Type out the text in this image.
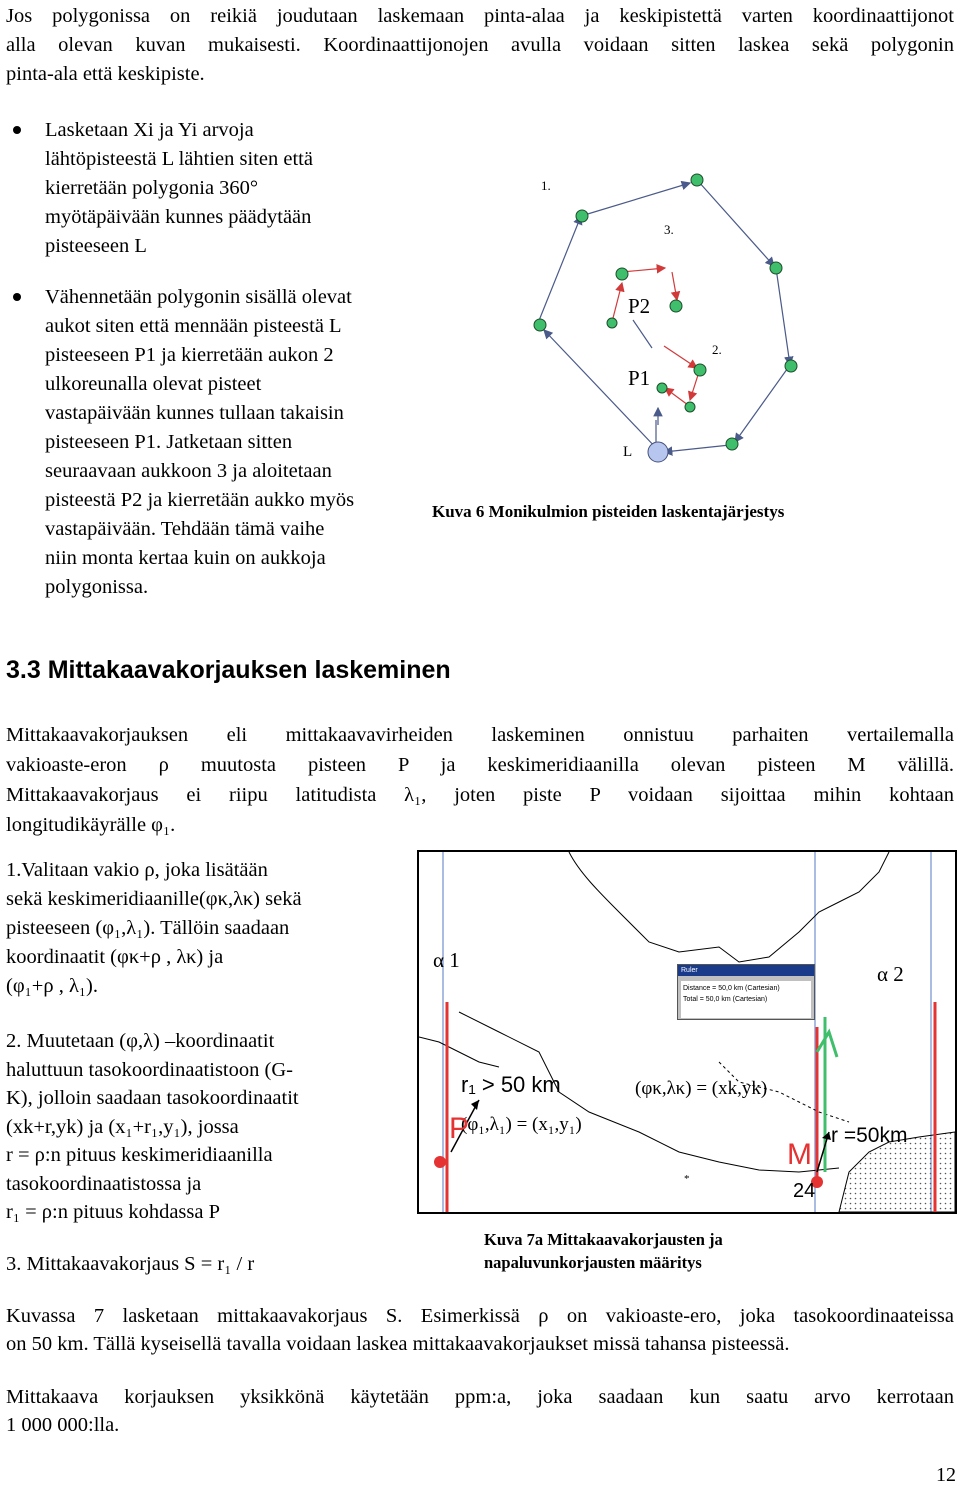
Jos polygonissa on reikiä joudutaan laskemaan pinta-alaa ja keskipistettä varten koordinaattijonot
alla olevan kuvan mukaisesti. Koordinaattijonojen avulla voidaan sitten laskea sekä polygonin
pinta-ala että keskipiste.
Lasketaan Xi ja Yi arvoja
lähtöpisteestä L lähtien siten että
kierretään polygonia 360°
myötäpäivään kunnes päädytään
pisteeseen L
Vähennetään polygonin sisällä olevat
aukot siten että mennään pisteestä L
pisteeseen P1 ja kierretään aukon 2
ulkoreunalla olevat pisteet
vastapäivään kunnes tullaan takaisin
pisteeseen P1. Jatketaan sitten
seuraavaan aukkoon 3 ja aloitetaan
pisteestä P2 ja kierretään aukko myös
vastapäivään. Tehdään tämä vaihe
niin monta kertaa kuin on aukkoja
polygonissa.
1.
3.
2.
P2
P1
L
Kuva 6 Monikulmion pisteiden laskentajärjestys
3.3 Mittakaavakorjauksen laskeminen
Mittakaavakorjauksen eli mittakaavavirheiden laskeminen onnistuu parhaiten vertailemalla
vakioaste-eron ρ muutosta pisteen P ja keskimeridiaanilla olevan pisteen M välillä.
Mittakaavakorjaus ei riipu latitudista λ₁, joten piste P voidaan sijoittaa mihin kohtaan
longitudikäyrälle φ₁.
1.Valitaan vakio ρ, joka lisätään
sekä keskimeridiaanille(φκ,λκ) sekä
pisteeseen (φ₁,λ₁). Tällöin saadaan
koordinaatit (φκ+ρ , λκ) ja
(φ₁+ρ , λ₁).
2. Muutetaan (φ,λ) –koordinaatit
haluttuun tasokoordinaatistoon (G-
K), jolloin saadaan tasokoordinaatit
(xk+r,yk) ja (x₁+r₁,y₁), jossa
r = ρ:n pituus keskimeridiaanilla
tasokoordinaatistossa ja
r₁ = ρ:n pituus kohdassa P
3. Mittakaavakorjaus S = r₁ / r
*
Ruler
Distance = 50,0 km (Cartesian)
Total = 50,0 km (Cartesian)
α 1
α 2
r₁ > 50 km	(φκ,λκ) = (xk,yk)
(φ₁,λ₁) = (x₁,y₁)
P
M
r =50km
24
Kuva 7a Mittakaavakorjausten ja
napaluvunkorjausten määritys
Kuvassa 7 lasketaan mittakaavakorjaus S. Esimerkissä ρ on vakioaste-ero, joka tasokoordinaateissa
on 50 km. Tällä kyseisellä tavalla voidaan laskea mittakaavakorjaukset missä tahansa pisteessä.
Mittakaava korjauksen yksikkönä käytetään ppm:a, joka saadaan kun saatu arvo kerrotaan
1 000 000:lla.
12
